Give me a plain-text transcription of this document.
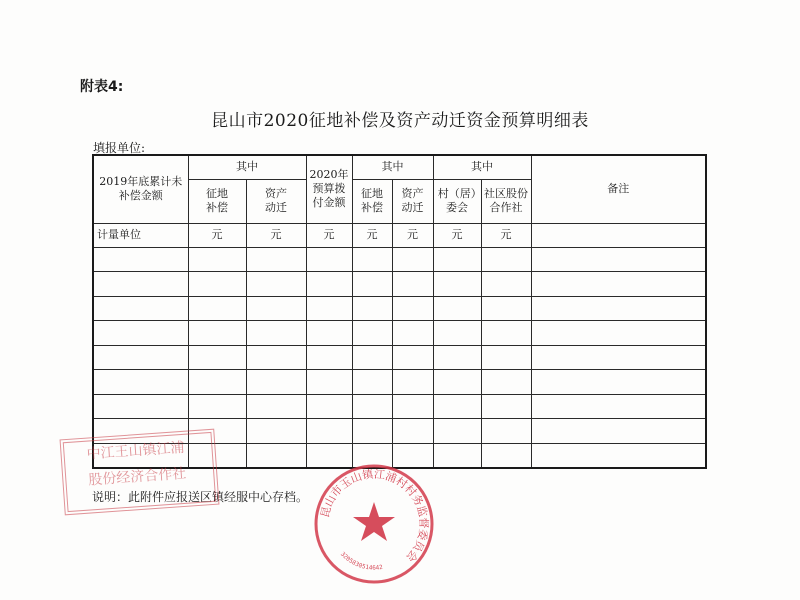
附表4:
昆山市2020征地补偿及资产动迁资金预算明细表
填报单位:
2019年底累计未补偿金额	其中		2020年预算拨付金额	其中		其中		备注
	征地补偿	资产动迁		征地补偿	资产动迁	村（居）委会	社区股份合作社	
计量单位	元	元	元	元	元	元	元	

说明：此附件应报送区镇经服中心存档。
中江王山镇江浦
股份经济合作社
昆山市玉山镇江浦村村务监督委员会
3205830514642
